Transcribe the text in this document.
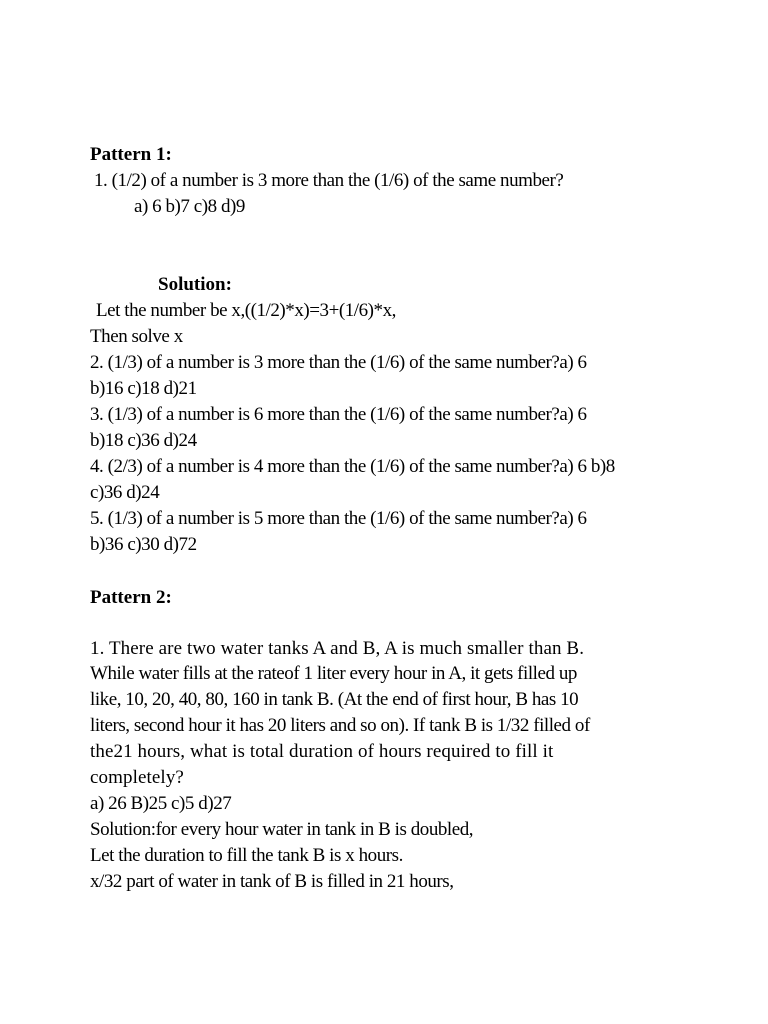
Pattern 1:
1. (1/2) of a number is 3 more than the (1/6) of the same number?
a) 6 b)7 c)8 d)9
Solution:
Let the number be x,((1/2)*x)=3+(1/6)*x,
Then solve x
2. (1/3) of a number is 3 more than the (1/6) of the same number?a) 6
b)16 c)18 d)21
3. (1/3) of a number is 6 more than the (1/6) of the same number?a) 6
b)18 c)36 d)24
4. (2/3) of a number is 4 more than the (1/6) of the same number?a) 6 b)8
c)36 d)24
5. (1/3) of a number is 5 more than the (1/6) of the same number?a) 6
b)36 c)30 d)72
Pattern 2:
1. There are two water tanks A and B, A is much smaller than B.
While water fills at the rateof 1 liter every hour in A, it gets filled up
like, 10, 20, 40, 80, 160 in tank B. (At the end of first hour, B has 10
liters, second hour it has 20 liters and so on). If tank B is 1/32 filled of
the21 hours, what is total duration of hours required to fill it
completely?
a) 26 B)25 c)5 d)27
Solution:for every hour water in tank in B is doubled,
Let the duration to fill the tank B is x hours.
x/32 part of water in tank of B is filled in 21 hours,
